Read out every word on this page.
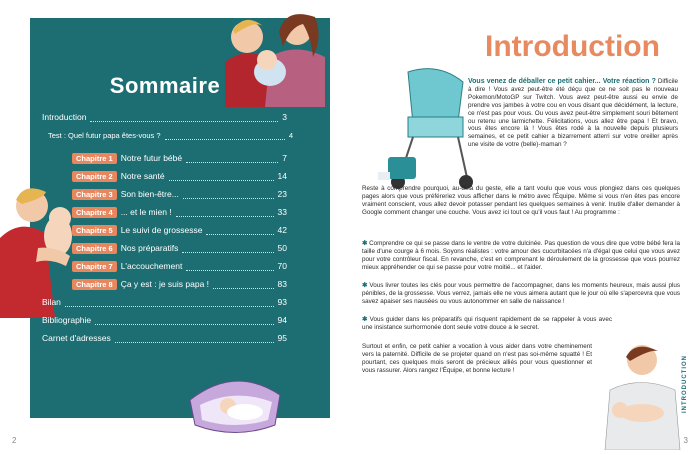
Sommaire
Introduction	3
Test : Quel futur papa êtes-vous ?	4
Chapitre 1 Notre futur bébé	7
Chapitre 2 Notre santé	14
Chapitre 3 Son bien-être...	23
Chapitre 4 ... et le mien !	33
Chapitre 5 Le suivi de grossesse	42
Chapitre 6 Nos préparatifs	50
Chapitre 7 L'accouchement	70
Chapitre 8 Ça y est : je suis papa !	83
Bilan	93
Bibliographie	94
Carnet d'adresses	95
2
Introduction
Vous venez de déballer ce petit cahier... Votre réaction ? Difficile à dire ! Vous avez peut-être été déçu que ce ne soit pas le nouveau Pokemon/MotoGP sur Twitch. Vous avez peut-être aussi eu envie de prendre vos jambes à votre cou en vous disant que décidément, la lecture, ce n'est pas pour vous. Ou vous avez peut-être simplement souri bêtement ou retenu une larmichette. Félicitations, vous allez être papa ! Et bravo, vous êtes encore là ! Vous êtes rodé à la nouvelle depuis plusieurs semaines, et ce petit cahier a bizarrement atterri sur votre oreiller après une visite de votre (belle)-maman ?
Reste à comprendre pourquoi, au-delà du geste, elle a tant voulu que vous vous plongiez dans ces quelques pages alors que vous préféreriez vous afficher dans le métro avec l'Équipe. Même si vous n'en êtes pas encore vraiment conscient, vous allez devoir potasser pendant les quelques semaines à venir. Inutile d'aller demander à Google comment changer une couche. Vous avez ici tout ce qu'il vous faut ! Au programme :
✱ Comprendre ce qui se passe dans le ventre de votre dulcinée. Pas question de vous dire que votre bébé fera la taille d'une courge à 6 mois. Soyons réalistes : votre amour des cucurbitacées n'a d'égal que celui que vous avez pour votre contrôleur fiscal. En revanche, c'est en comprenant le déroulement de la grossesse que vous pourrez mieux appréhender ce qui se passe pour votre moitié... et l'aider.
✱ Vous livrer toutes les clés pour vous permettre de l'accompagner, dans les moments heureux, mais aussi plus pénibles, de la grossesse. Vous verrez, jamais elle ne vous aimera autant que le jour où elle s'apercevra que vous savez apaiser ses nausées ou vous autonommer en salle de naissance !
✱ Vous guider dans les préparatifs qui risquent rapidement de se rappeler à vous avec une insistance surhormonée dont seule votre douce a le secret.
Surtout et enfin, ce petit cahier a vocation à vous aider dans votre cheminement vers la paternité. Difficile de se projeter quand on n'est pas soi-même squatté ! Et pourtant, ces quelques mois seront de précieux alliés pour vous questionner et vous rassurer. Alors rangez l'Équipe, et bonne lecture !	INTRODUCTION
3
